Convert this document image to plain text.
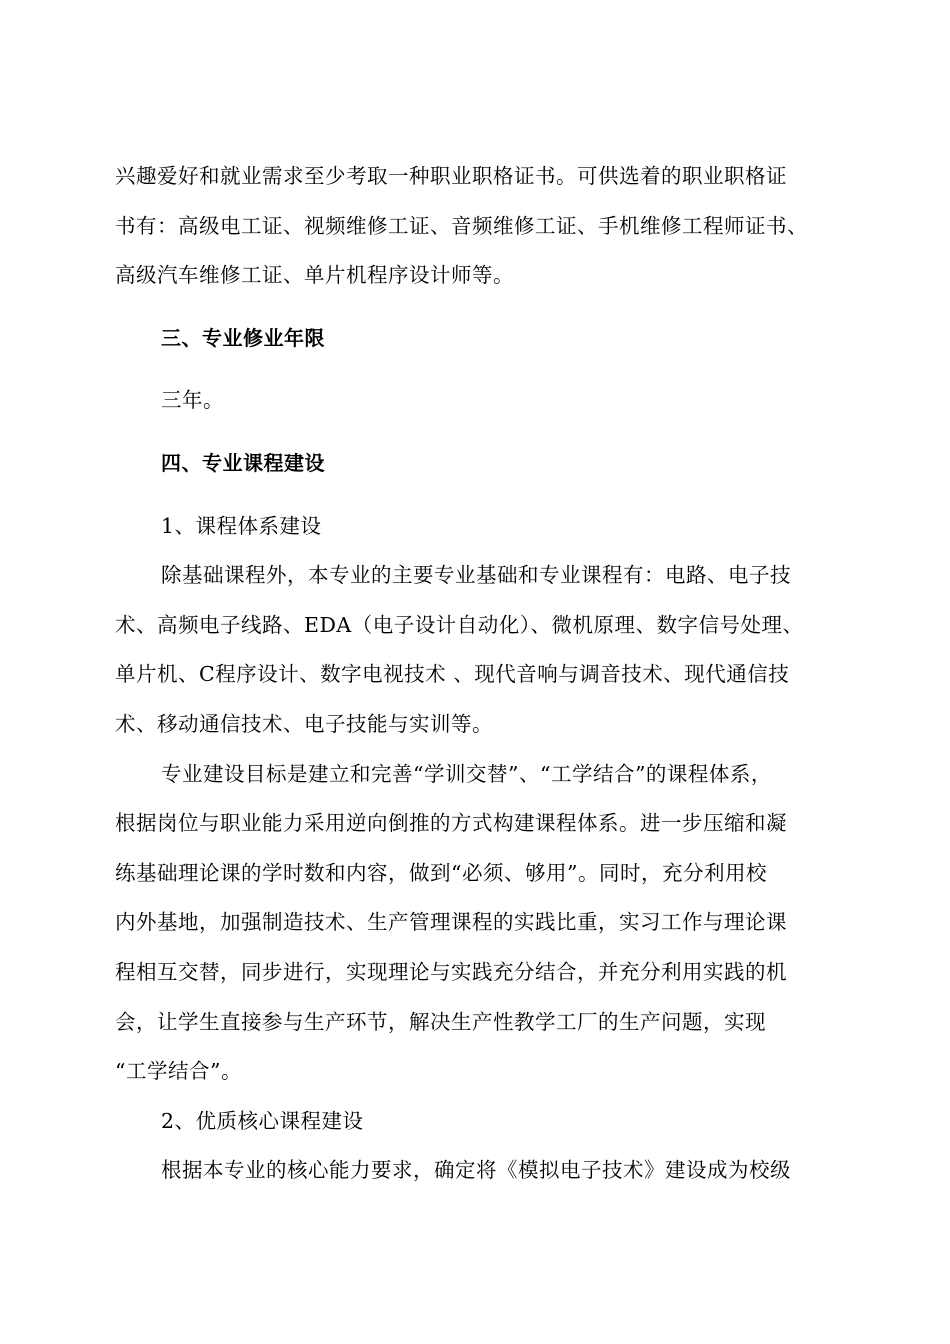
兴趣爱好和就业需求至少考取一种职业职格证书。可供选着的职业职格证
书有：高级电工证、视频维修工证、音频维修工证、手机维修工程师证书、
高级汽车维修工证、单片机程序设计师等。
三、专业修业年限
三年。
四、专业课程建设
1、课程体系建设
除基础课程外，本专业的主要专业基础和专业课程有：电路、电子技
术、高频电子线路、EDA（电子设计自动化）、微机原理、数字信号处理、
单片机、C程序设计、数字电视技术 、现代音响与调音技术、现代通信技
术、移动通信技术、电子技能与实训等。
专业建设目标是建立和完善“学训交替”、“工学结合”的课程体系，
根据岗位与职业能力采用逆向倒推的方式构建课程体系。进一步压缩和凝
练基础理论课的学时数和内容，做到“必须、够用”。同时，充分利用校
内外基地，加强制造技术、生产管理课程的实践比重，实习工作与理论课
程相互交替，同步进行，实现理论与实践充分结合，并充分利用实践的机
会，让学生直接参与生产环节，解决生产性教学工厂的生产问题，实现
“工学结合”。
2、优质核心课程建设
根据本专业的核心能力要求，确定将《模拟电子技术》建设成为校级
